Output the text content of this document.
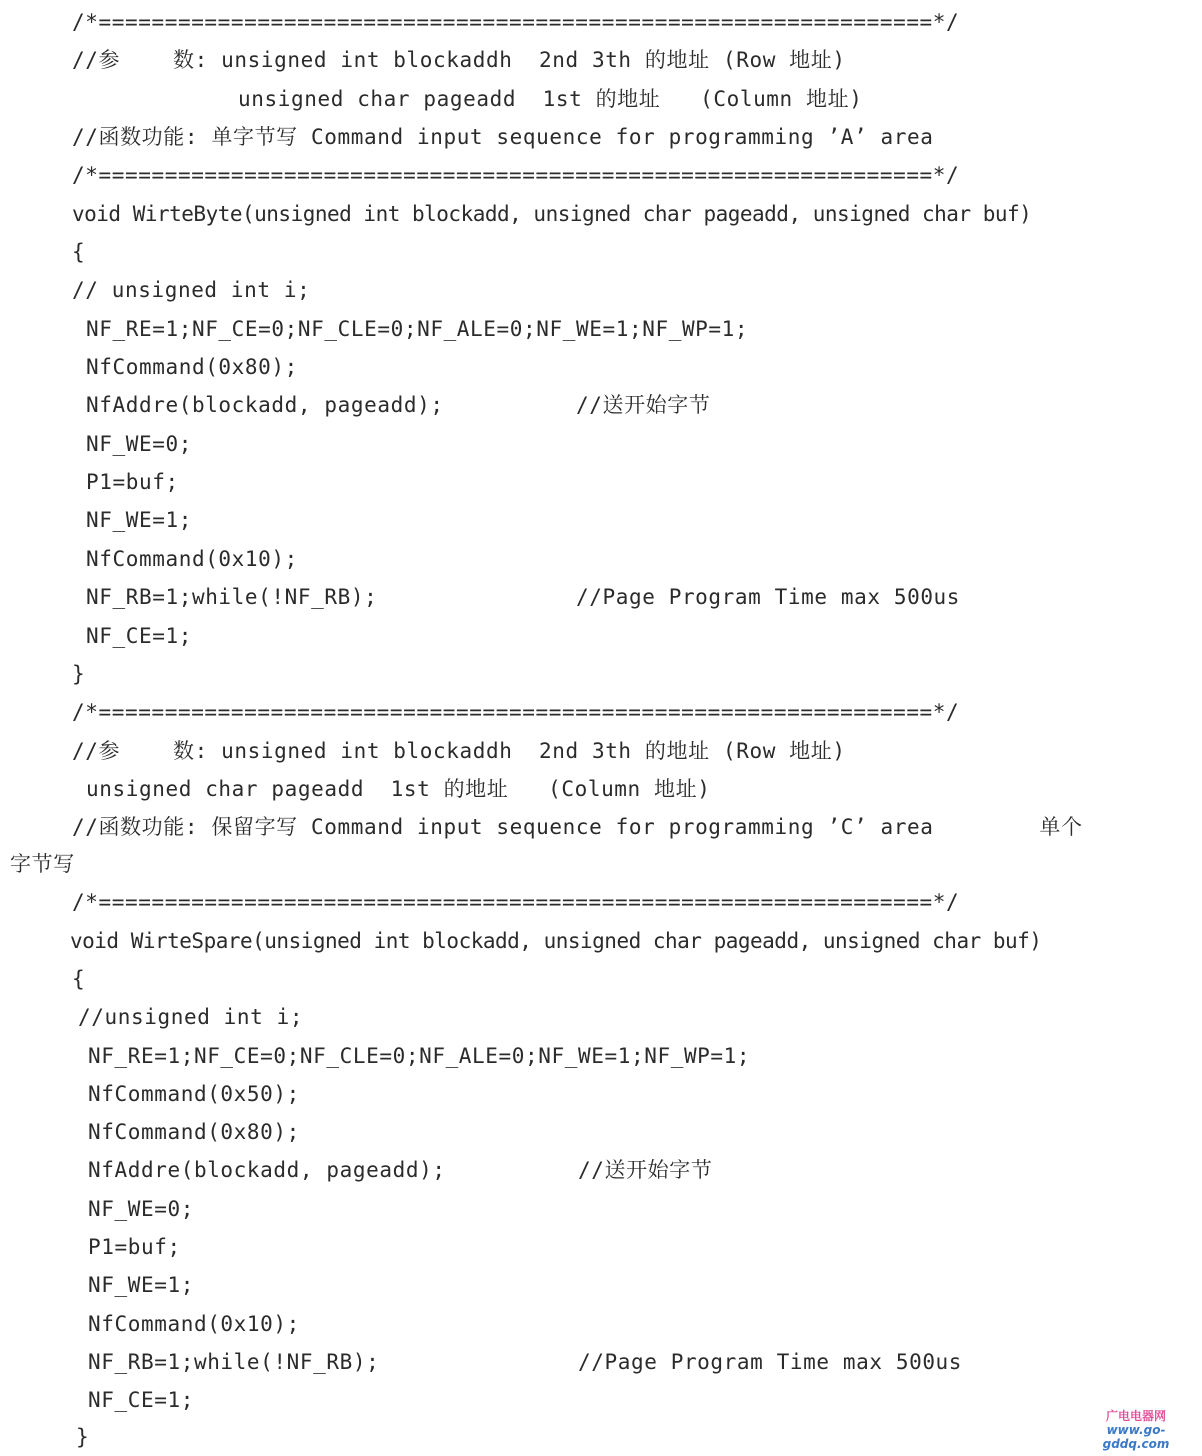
/*===============================================================*/
//参    数: unsigned int blockaddh  2nd 3th 的地址 (Row 地址)
unsigned char pageadd  1st 的地址   (Column 地址)
//函数功能: 单字节写 Command input sequence for programming ’A’ area
/*===============================================================*/
void WirteByte(unsigned int blockadd, unsigned char pageadd, unsigned char buf)
{
// unsigned int i;
NF_RE=1;NF_CE=0;NF_CLE=0;NF_ALE=0;NF_WE=1;NF_WP=1;
NfCommand(0x80);
NfAddre(blockadd, pageadd);          //送开始字节
NF_WE=0;
P1=buf;
NF_WE=1;
NfCommand(0x10);
NF_RB=1;while(!NF_RB);               //Page Program Time max 500us
NF_CE=1;
}
/*===============================================================*/
//参    数: unsigned int blockaddh  2nd 3th 的地址 (Row 地址)
unsigned char pageadd  1st 的地址   (Column 地址)
//函数功能: 保留字写 Command input sequence for programming ’C’ area        单个
字节写
/*===============================================================*/
void WirteSpare(unsigned int blockadd, unsigned char pageadd, unsigned char buf)
{
//unsigned int i;
NF_RE=1;NF_CE=0;NF_CLE=0;NF_ALE=0;NF_WE=1;NF_WP=1;
NfCommand(0x50);
NfCommand(0x80);
NfAddre(blockadd, pageadd);          //送开始字节
NF_WE=0;
P1=buf;
NF_WE=1;
NfCommand(0x10);
NF_RB=1;while(!NF_RB);               //Page Program Time max 500us
NF_CE=1;
}
广电电器网
www.go-gddq.com
